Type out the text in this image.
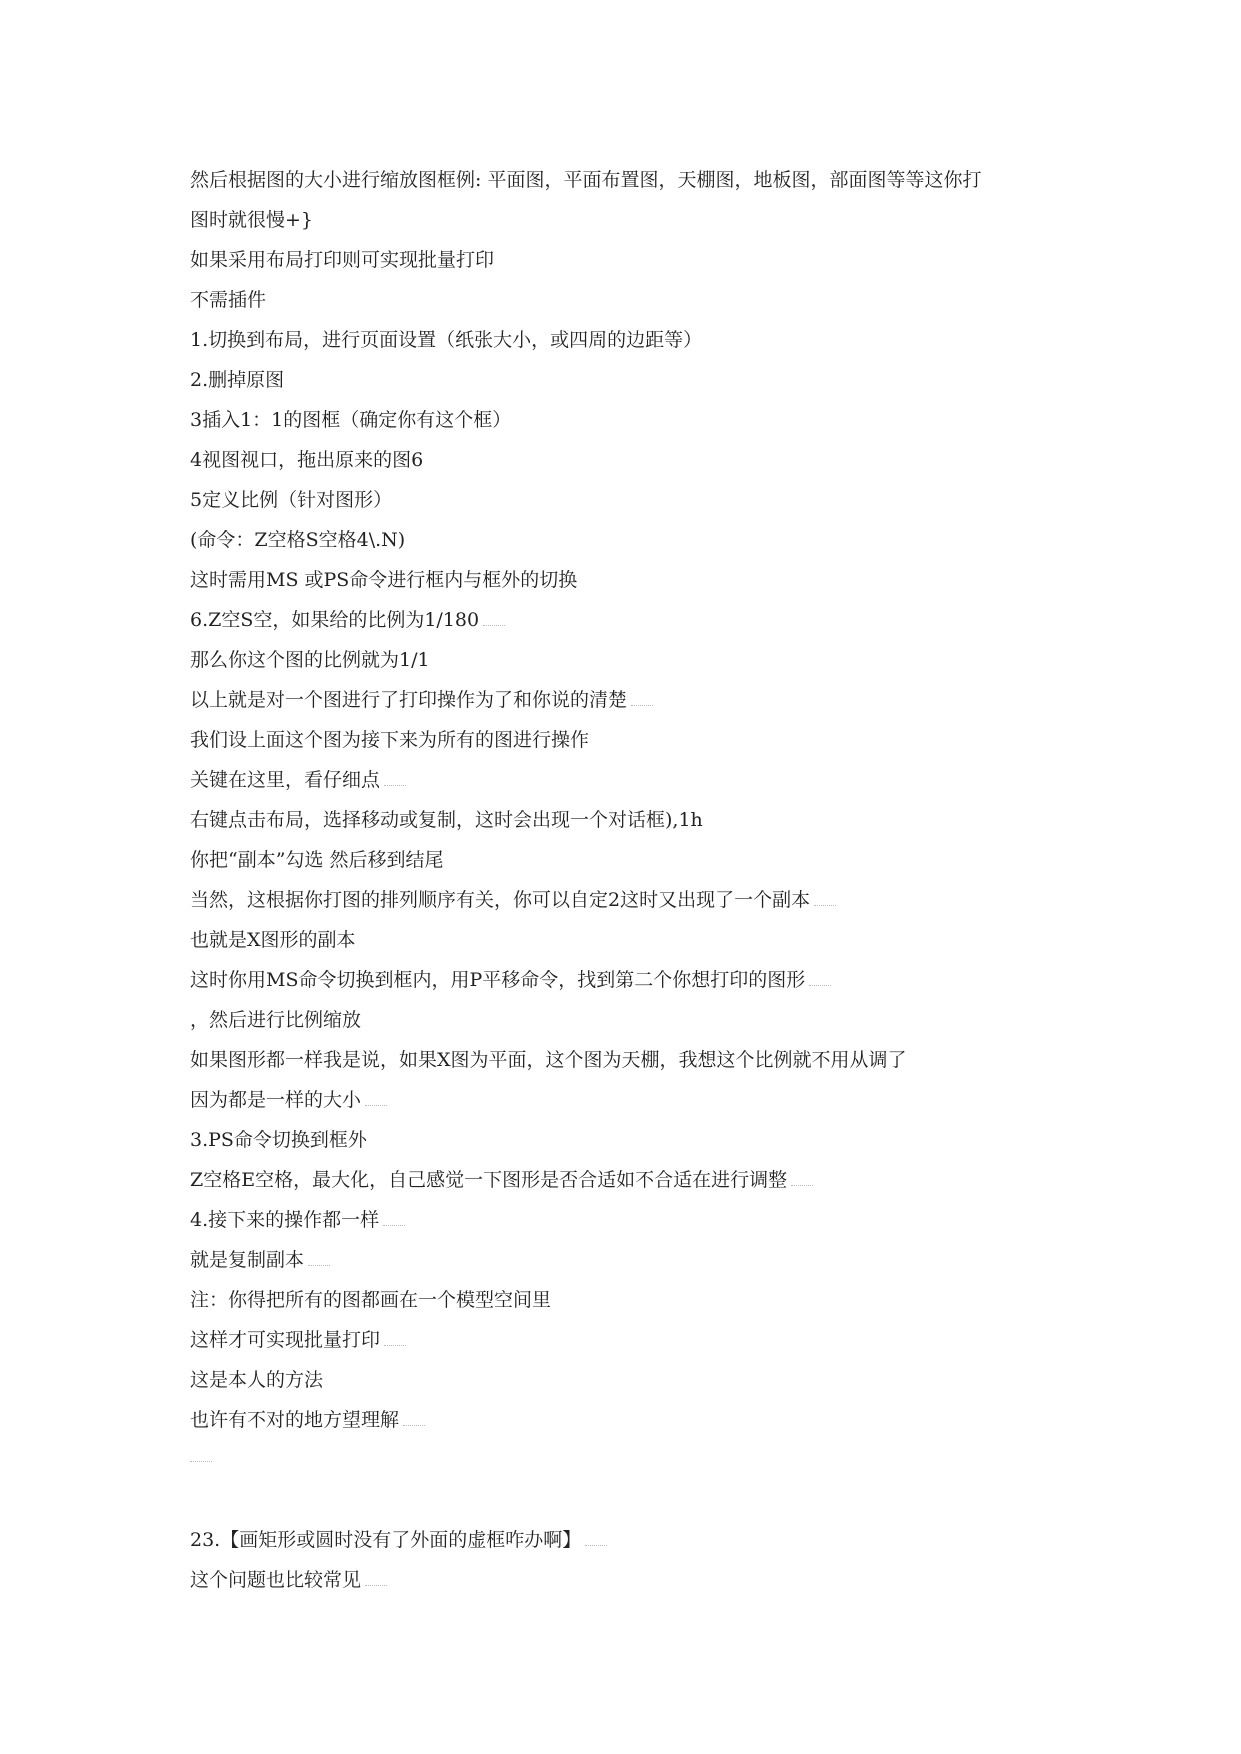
然后根据图的大小进行缩放图框例: 平面图，平面布置图，天棚图，地板图，部面图等等这你打
图时就很慢+}
如果采用布局打印则可实现批量打印
不需插件
1.切换到布局，进行页面设置（纸张大小，或四周的边距等）
2.删掉原图
3插入1：1的图框（确定你有这个框）
4视图视口，拖出原来的图6
5定义比例（针对图形）
(命令：Z空格S空格4\.N)
这时需用MS 或PS命令进行框内与框外的切换
6.Z空S空，如果给的比例为1/180
那么你这个图的比例就为1/1
以上就是对一个图进行了打印操作为了和你说的清楚
我们设上面这个图为接下来为所有的图进行操作
关键在这里，看仔细点
右键点击布局，选择移动或复制，这时会出现一个对话框),1h
你把“副本”勾选 然后移到结尾
当然，这根据你打图的排列顺序有关，你可以自定2这时又出现了一个副本
也就是X图形的副本
这时你用MS命令切换到框内，用P平移命令，找到第二个你想打印的图形
，然后进行比例缩放
如果图形都一样我是说，如果X图为平面，这个图为天棚，我想这个比例就不用从调了
因为都是一样的大小
3.PS命令切换到框外
Z空格E空格，最大化，自己感觉一下图形是否合适如不合适在进行调整
4.接下来的操作都一样
就是复制副本
注：你得把所有的图都画在一个模型空间里
这样才可实现批量打印
这是本人的方法
也许有不对的地方望理解
23.【画矩形或圆时没有了外面的虚框咋办啊】
这个问题也比较常见
